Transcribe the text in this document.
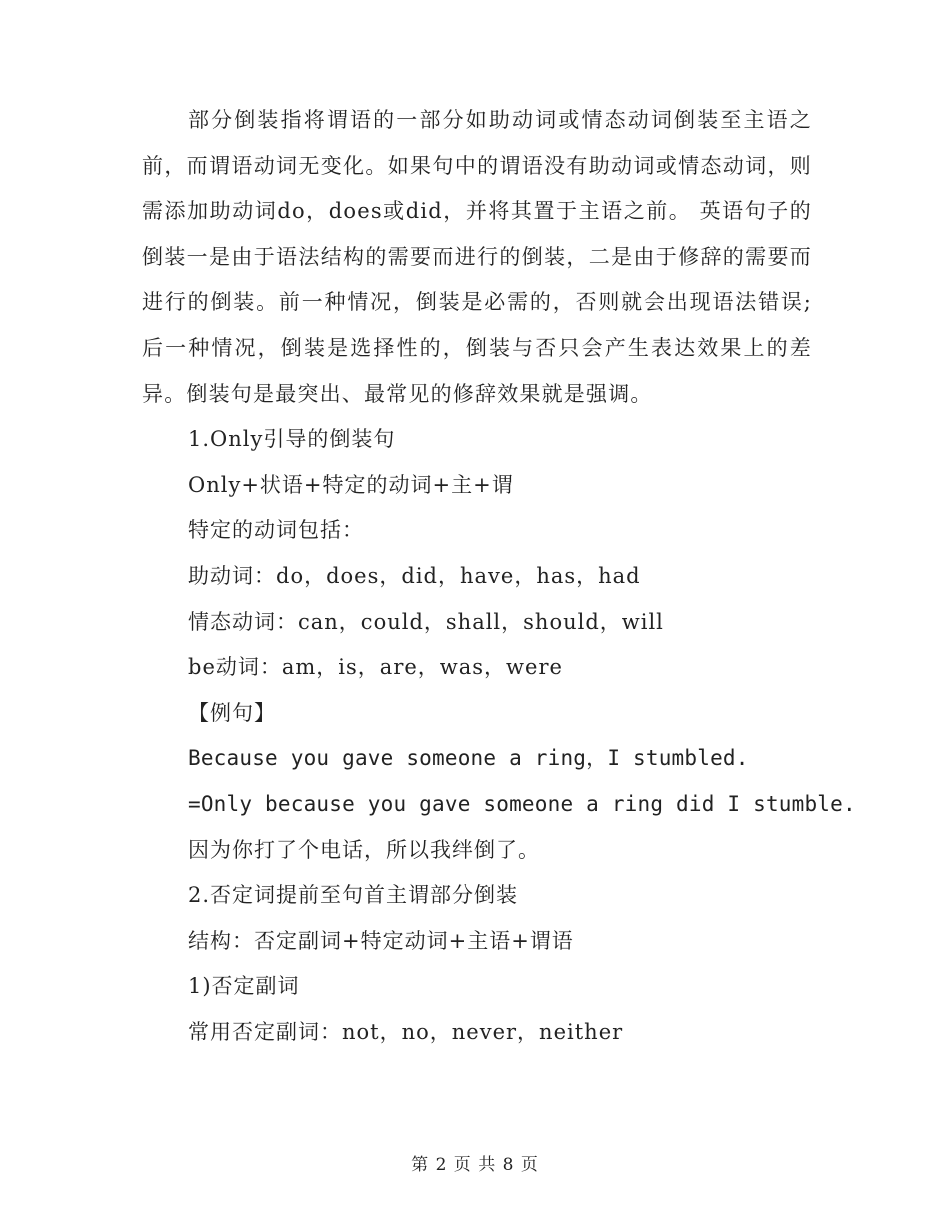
部分倒装指将谓语的一部分如助动词或情态动词倒装至主语之前，而谓语动词无变化。如果句中的谓语没有助动词或情态动词，则需添加助动词do，does或did，并将其置于主语之前。 英语句子的倒装一是由于语法结构的需要而进行的倒装，二是由于修辞的需要而进行的倒装。前一种情况，倒装是必需的，否则就会出现语法错误;后一种情况，倒装是选择性的，倒装与否只会产生表达效果上的差异。倒装句是最突出、最常见的修辞效果就是强调。

1.Only引导的倒装句

Only+状语+特定的动词+主+谓

特定的动词包括：

助动词：do，does，did，have，has，had

情态动词：can，could，shall，should，will

be动词：am，is，are，was，were

【例句】

Because you gave someone a ring，I stumbled.

=Only because you gave someone a ring did I stumble.

因为你打了个电话，所以我绊倒了。

2.否定词提前至句首主谓部分倒装

结构：否定副词+特定动词+主语+谓语

1)否定副词

常用否定副词：not，no，never，neither

第 2 页 共 8 页
